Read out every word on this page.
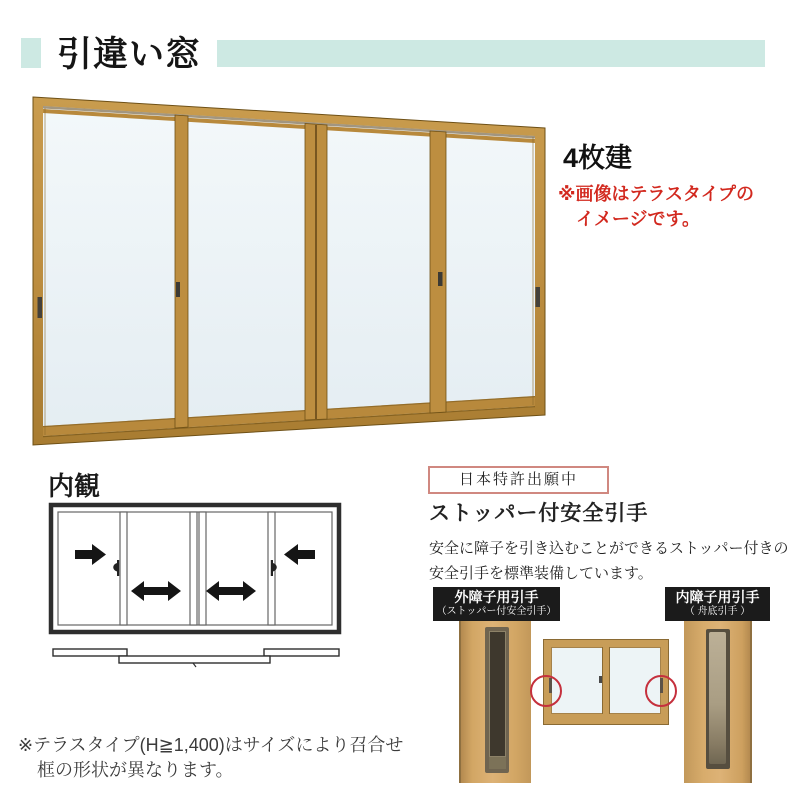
引違い窓
4枚建
※画像はテラスタイプの
イメージです。
内観	日本特許出願中
ストッパー付安全引手
安全に障子を引き込むことができるストッパー付きの
安全引手を標準装備しています。
外障子用引手
（ストッパー付安全引手）
内障子用引手
（ 舟底引手 ）
※テラスタイプ(H≧1,400)はサイズにより召合せ
框の形状が異なります。
